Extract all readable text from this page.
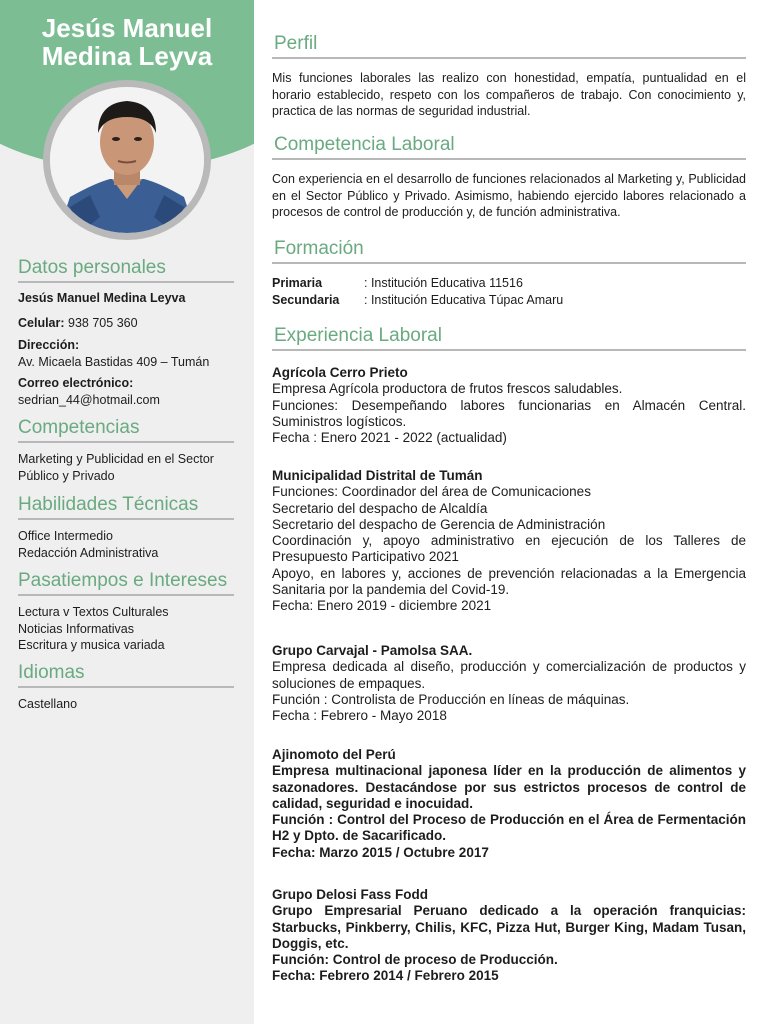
Jesús Manuel
Medina Leyva
Datos personales
Jesús Manuel Medina Leyva
Celular: 938 705 360
Dirección:
Av. Micaela Bastidas 409 – Tumán
Correo electrónico:
sedrian_44@hotmail.com
Competencias
Marketing y Publicidad en el Sector
Público y Privado
Habilidades Técnicas
Office Intermedio
Redacción Administrativa
Pasatiempos e Intereses
Lectura v Textos Culturales
Noticias Informativas
Escritura y musica variada
Idiomas
Castellano
Perfil
Mis funciones laborales las realizo con honestidad, empatía, puntualidad en el horario establecido, respeto con los compañeros de trabajo. Con conocimiento y, practica de las normas de seguridad industrial.
Competencia Laboral
Con experiencia en el desarrollo de funciones relacionados al Marketing y, Publicidad en el Sector Público y Privado. Asimismo, habiendo ejercido labores relacionado a procesos de control de producción y, de función administrativa.
Formación
Primaria	: Institución Educativa 11516
Secundaria	: Institución Educativa Túpac Amaru
Experiencia Laboral
Agrícola Cerro Prieto
Empresa Agrícola productora de frutos frescos saludables.
Funciones: Desempeñando labores funcionarias en Almacén Central. Suministros logísticos.
Fecha : Enero 2021 - 2022 (actualidad)
Municipalidad Distrital de Tumán
Funciones: Coordinador del área de Comunicaciones
Secretario del despacho de Alcaldía
Secretario del despacho de Gerencia de Administración
Coordinación y, apoyo administrativo en ejecución de los Talleres de Presupuesto Participativo 2021
Apoyo, en labores y, acciones de prevención relacionadas a la Emergencia Sanitaria por la pandemia del Covid-19.
Fecha: Enero 2019 - diciembre 2021
Grupo Carvajal - Pamolsa SAA.
Empresa dedicada al diseño, producción y comercialización de productos y soluciones de empaques.
Función : Controlista de Producción en líneas de máquinas.
Fecha : Febrero - Mayo 2018
Ajinomoto del Perú
Empresa multinacional japonesa líder en la producción de alimentos y sazonadores. Destacándose por sus estrictos procesos de control de calidad, seguridad e inocuidad.
Función : Control del Proceso de Producción en el Área de Fermentación H2 y Dpto. de Sacarificado.
Fecha: Marzo 2015 / Octubre 2017
Grupo Delosi Fass Fodd
Grupo Empresarial Peruano dedicado a la operación franquicias: Starbucks, Pinkberry, Chilis, KFC, Pizza Hut, Burger King, Madam Tusan, Doggis, etc.
Función: Control de proceso de Producción.
Fecha: Febrero 2014 / Febrero 2015
